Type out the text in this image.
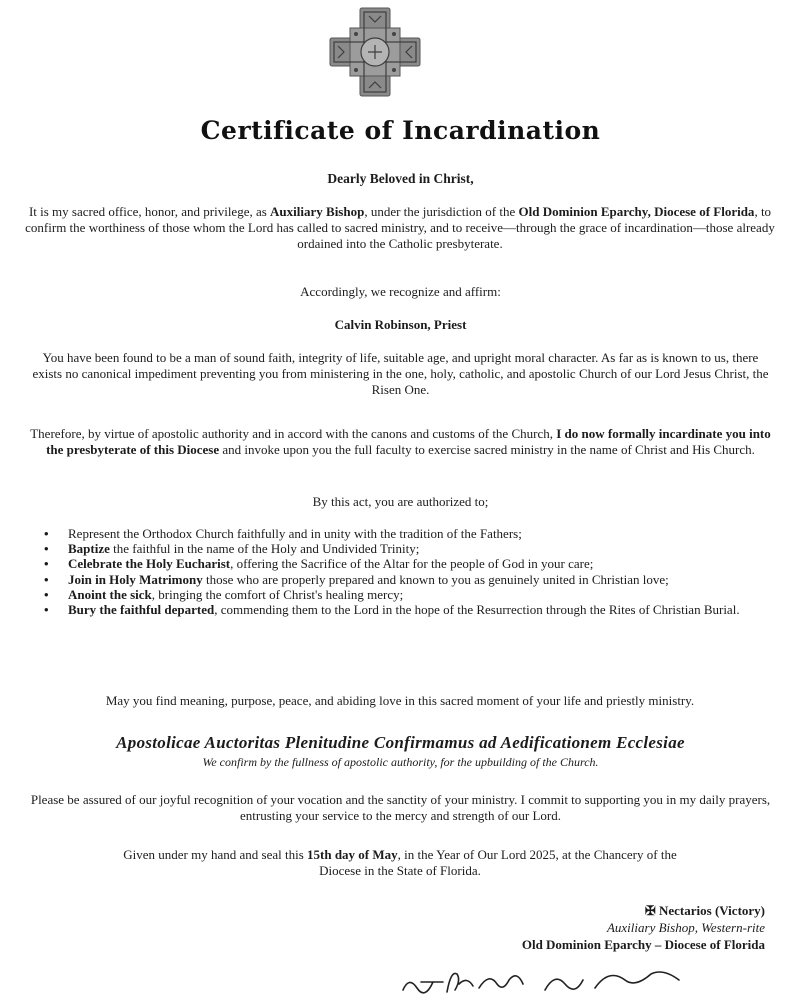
Certificate of Incardination
Dearly Beloved in Christ,

It is my sacred office, honor, and privilege, as Auxiliary Bishop, under the jurisdiction of the Old Dominion Eparchy, Diocese of Florida, to confirm the worthiness of those whom the Lord has called to sacred ministry, and to receive—through the grace of incardination—those already ordained into the Catholic presbyterate.

Accordingly, we recognize and affirm:

Calvin Robinson, Priest

You have been found to be a man of sound faith, integrity of life, suitable age, and upright moral character. As far as is known to us, there exists no canonical impediment preventing you from ministering in the one, holy, catholic, and apostolic Church of our Lord Jesus Christ, the Risen One.

Therefore, by virtue of apostolic authority and in accord with the canons and customs of the Church, I do now formally incardinate you into the presbyterate of this Diocese and invoke upon you the full faculty to exercise sacred ministry in the name of Christ and His Church.

By this act, you are authorized to;

• Represent the Orthodox Church faithfully and in unity with the tradition of the Fathers;
• Baptize the faithful in the name of the Holy and Undivided Trinity;
• Celebrate the Holy Eucharist, offering the Sacrifice of the Altar for the people of God in your care;
• Join in Holy Matrimony those who are properly prepared and known to you as genuinely united in Christian love;
• Anoint the sick, bringing the comfort of Christ's healing mercy;
• Bury the faithful departed, commending them to the Lord in the hope of the Resurrection through the Rites of Christian Burial.

May you find meaning, purpose, peace, and abiding love in this sacred moment of your life and priestly ministry.

Apostolicae Auctoritas Plenitudine Confirmamus ad Aedificationem Ecclesiae
We confirm by the fullness of apostolic authority, for the upbuilding of the Church.

Please be assured of our joyful recognition of your vocation and the sanctity of your ministry. I commit to supporting you in my daily prayers, entrusting your service to the mercy and strength of our Lord.

Given under my hand and seal this 15th day of May, in the Year of Our Lord 2025, at the Chancery of the Diocese in the State of Florida.

✠ Nectarios (Victory)
Auxiliary Bishop, Western-rite
Old Dominion Eparchy – Diocese of Florida
